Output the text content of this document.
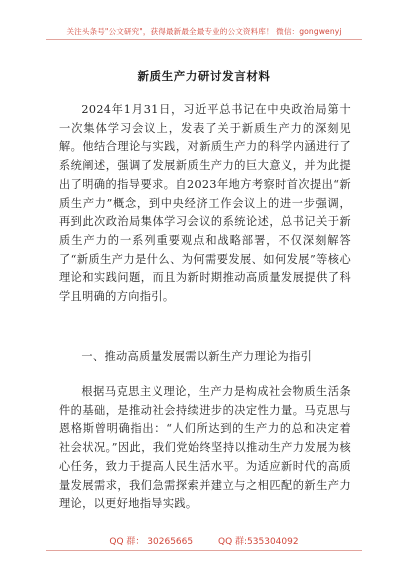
关注头条号"公文研究"，获得最新最全最专业的公文资料库！ 微信：gongwenyj
新质生产力研讨发言材料

2024年1月31日，习近平总书记在中央政治局第十一次集体学习会议上，发表了关于新质生产力的深刻见解。他结合理论与实践，对新质生产力的科学内涵进行了系统阐述，强调了发展新质生产力的巨大意义，并为此提出了明确的指导要求。自2023年地方考察时首次提出“新质生产力”概念，到中央经济工作会议上的进一步强调，再到此次政治局集体学习会议的系统论述，总书记关于新质生产力的一系列重要观点和战略部署，不仅深刻解答了“新质生产力是什么、为何需要发展、如何发展”等核心理论和实践问题，而且为新时期推动高质量发展提供了科学且明确的方向指引。

一、推动高质量发展需以新生产力理论为指引

根据马克思主义理论，生产力是构成社会物质生活条件的基础，是推动社会持续进步的决定性力量。马克思与恩格斯曾明确指出：“人们所达到的生产力的总和决定着社会状况。”因此，我们党始终坚持以推动生产力发展为核心任务，致力于提高人民生活水平。为适应新时代的高质量发展需求，我们急需探索并建立与之相匹配的新生产力理论，以更好地指导实践。

QQ 群： 30265665	QQ 群:535304092
